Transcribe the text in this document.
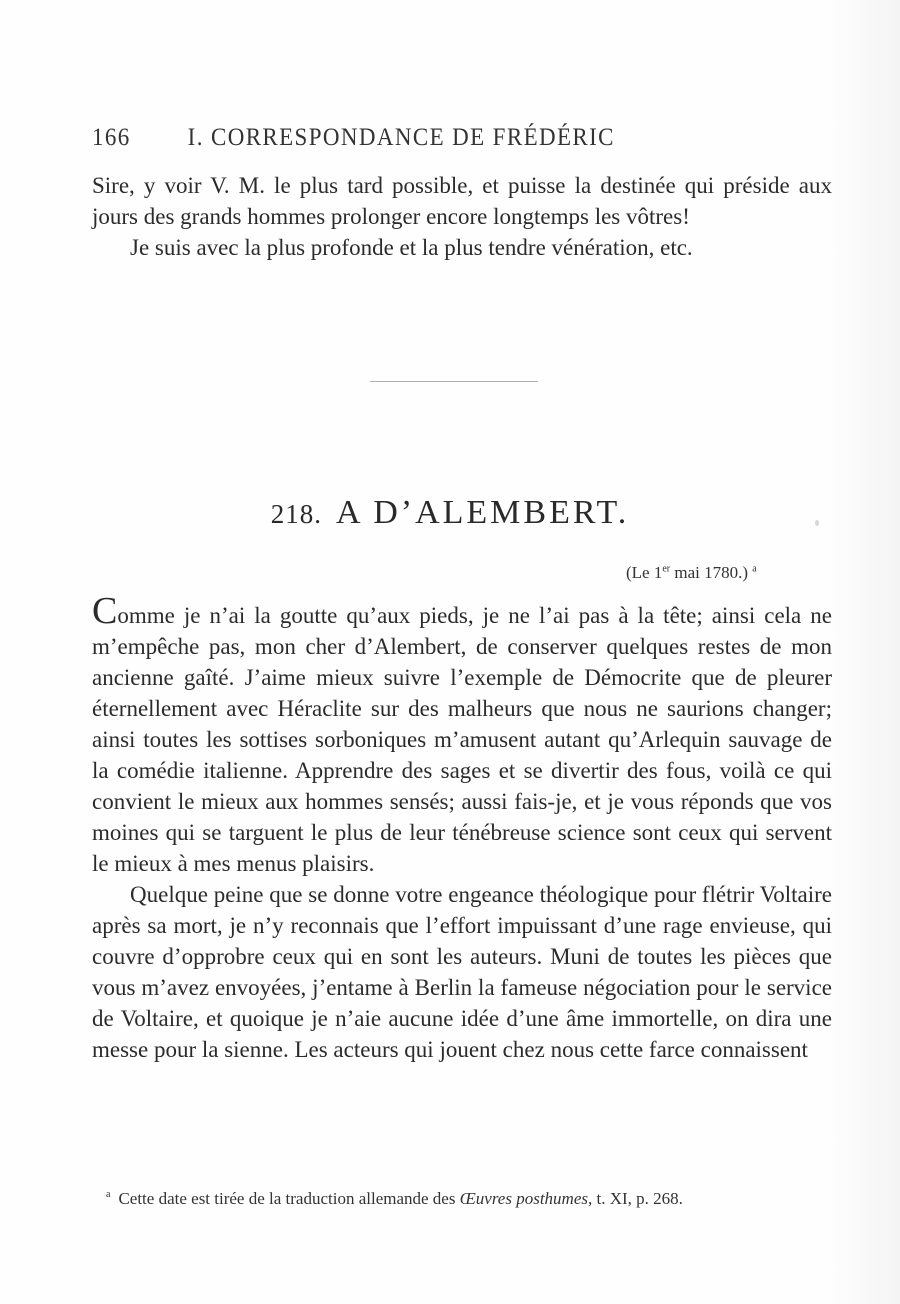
166 I. CORRESPONDANCE DE FRÉDÉRIC

Sire, y voir V. M. le plus tard possible, et puisse la destinée qui préside aux jours des grands hommes prolonger encore longtemps les vôtres!

Je suis avec la plus profonde et la plus tendre vénération, etc.

218. A D’ALEMBERT.
(Le 1er mai 1780.) $^a$

Comme je n’ai la goutte qu’aux pieds, je ne l’ai pas à la tête; ainsi cela ne m’empêche pas, mon cher d’Alembert, de conserver quelques restes de mon ancienne gaîté. J’aime mieux suivre l’exemple de Démocrite que de pleurer éternellement avec Héraclite sur des malheurs que nous ne saurions changer; ainsi toutes les sottises sorboniques m’amusent autant qu’Arlequin sauvage de la comédie italienne. Apprendre des sages et se divertir des fous, voilà ce qui convient le mieux aux hommes sensés; aussi fais-je, et je vous réponds que vos moines qui se targuent le plus de leur ténébreuse science sont ceux qui servent le mieux à mes menus plaisirs.

Quelque peine que se donne votre engeance théologique pour flétrir Voltaire après sa mort, je n’y reconnais que l’effort impuissant d’une rage envieuse, qui couvre d’opprobre ceux qui en sont les auteurs. Muni de toutes les pièces que vous m’avez envoyées, j’entame à Berlin la fameuse négociation pour le service de Voltaire, et quoique je n’aie aucune idée d’une âme immortelle, on dira une messe pour la sienne. Les acteurs qui jouent chez nous cette farce connaissent

$^a$ Cette date est tirée de la traduction allemande des Œuvres posthumes, t. XI, p. 268.
